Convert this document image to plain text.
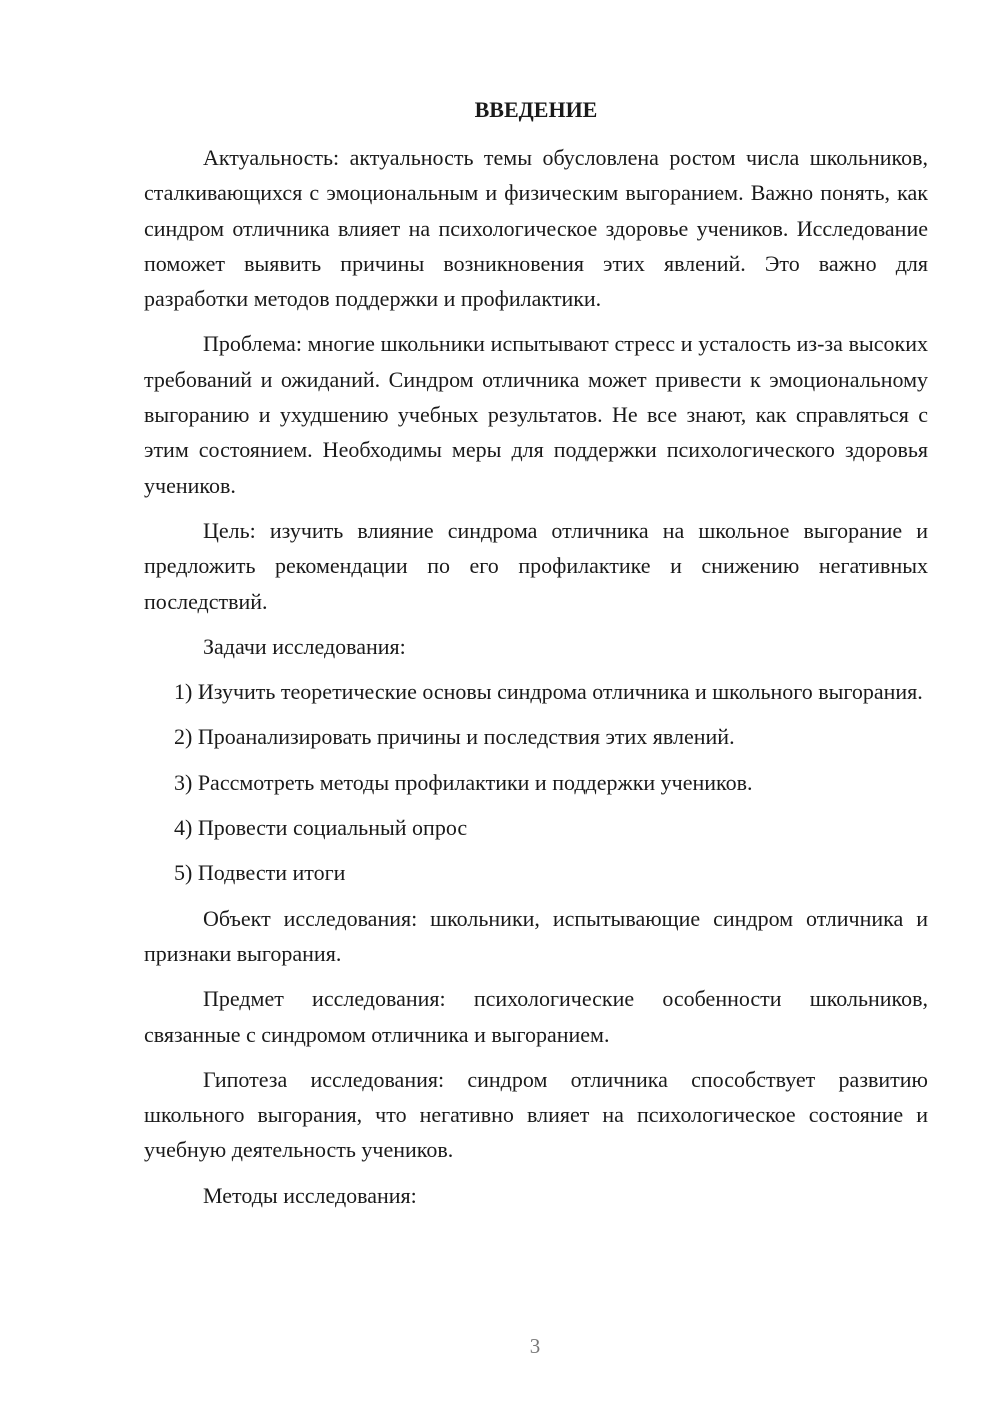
ВВЕДЕНИЕ

Актуальность: актуальность темы обусловлена ростом числа школьников, сталкивающихся с эмоциональным и физическим выгоранием. Важно понять, как синдром отличника влияет на психологическое здоровье учеников. Исследование поможет выявить причины возникновения этих явлений. Это важно для разработки методов поддержки и профилактики.

Проблема: многие школьники испытывают стресс и усталость из-за высоких требований и ожиданий. Синдром отличника может привести к эмоциональному выгоранию и ухудшению учебных результатов. Не все знают, как справляться с этим состоянием. Необходимы меры для поддержки психологического здоровья учеников.

Цель: изучить влияние синдрома отличника на школьное выгорание и предложить рекомендации по его профилактике и снижению негативных последствий.

Задачи исследования:

1) Изучить теоретические основы синдрома отличника и школьного выгорания.

2) Проанализировать причины и последствия этих явлений.

3) Рассмотреть методы профилактики и поддержки учеников.

4) Провести социальный опрос

5) Подвести итоги

Объект исследования: школьники, испытывающие синдром отличника и признаки выгорания.

Предмет исследования: психологические особенности школьников, связанные с синдромом отличника и выгоранием.

Гипотеза исследования: синдром отличника способствует развитию школьного выгорания, что негативно влияет на психологическое состояние и учебную деятельность учеников.

Методы исследования:

3
